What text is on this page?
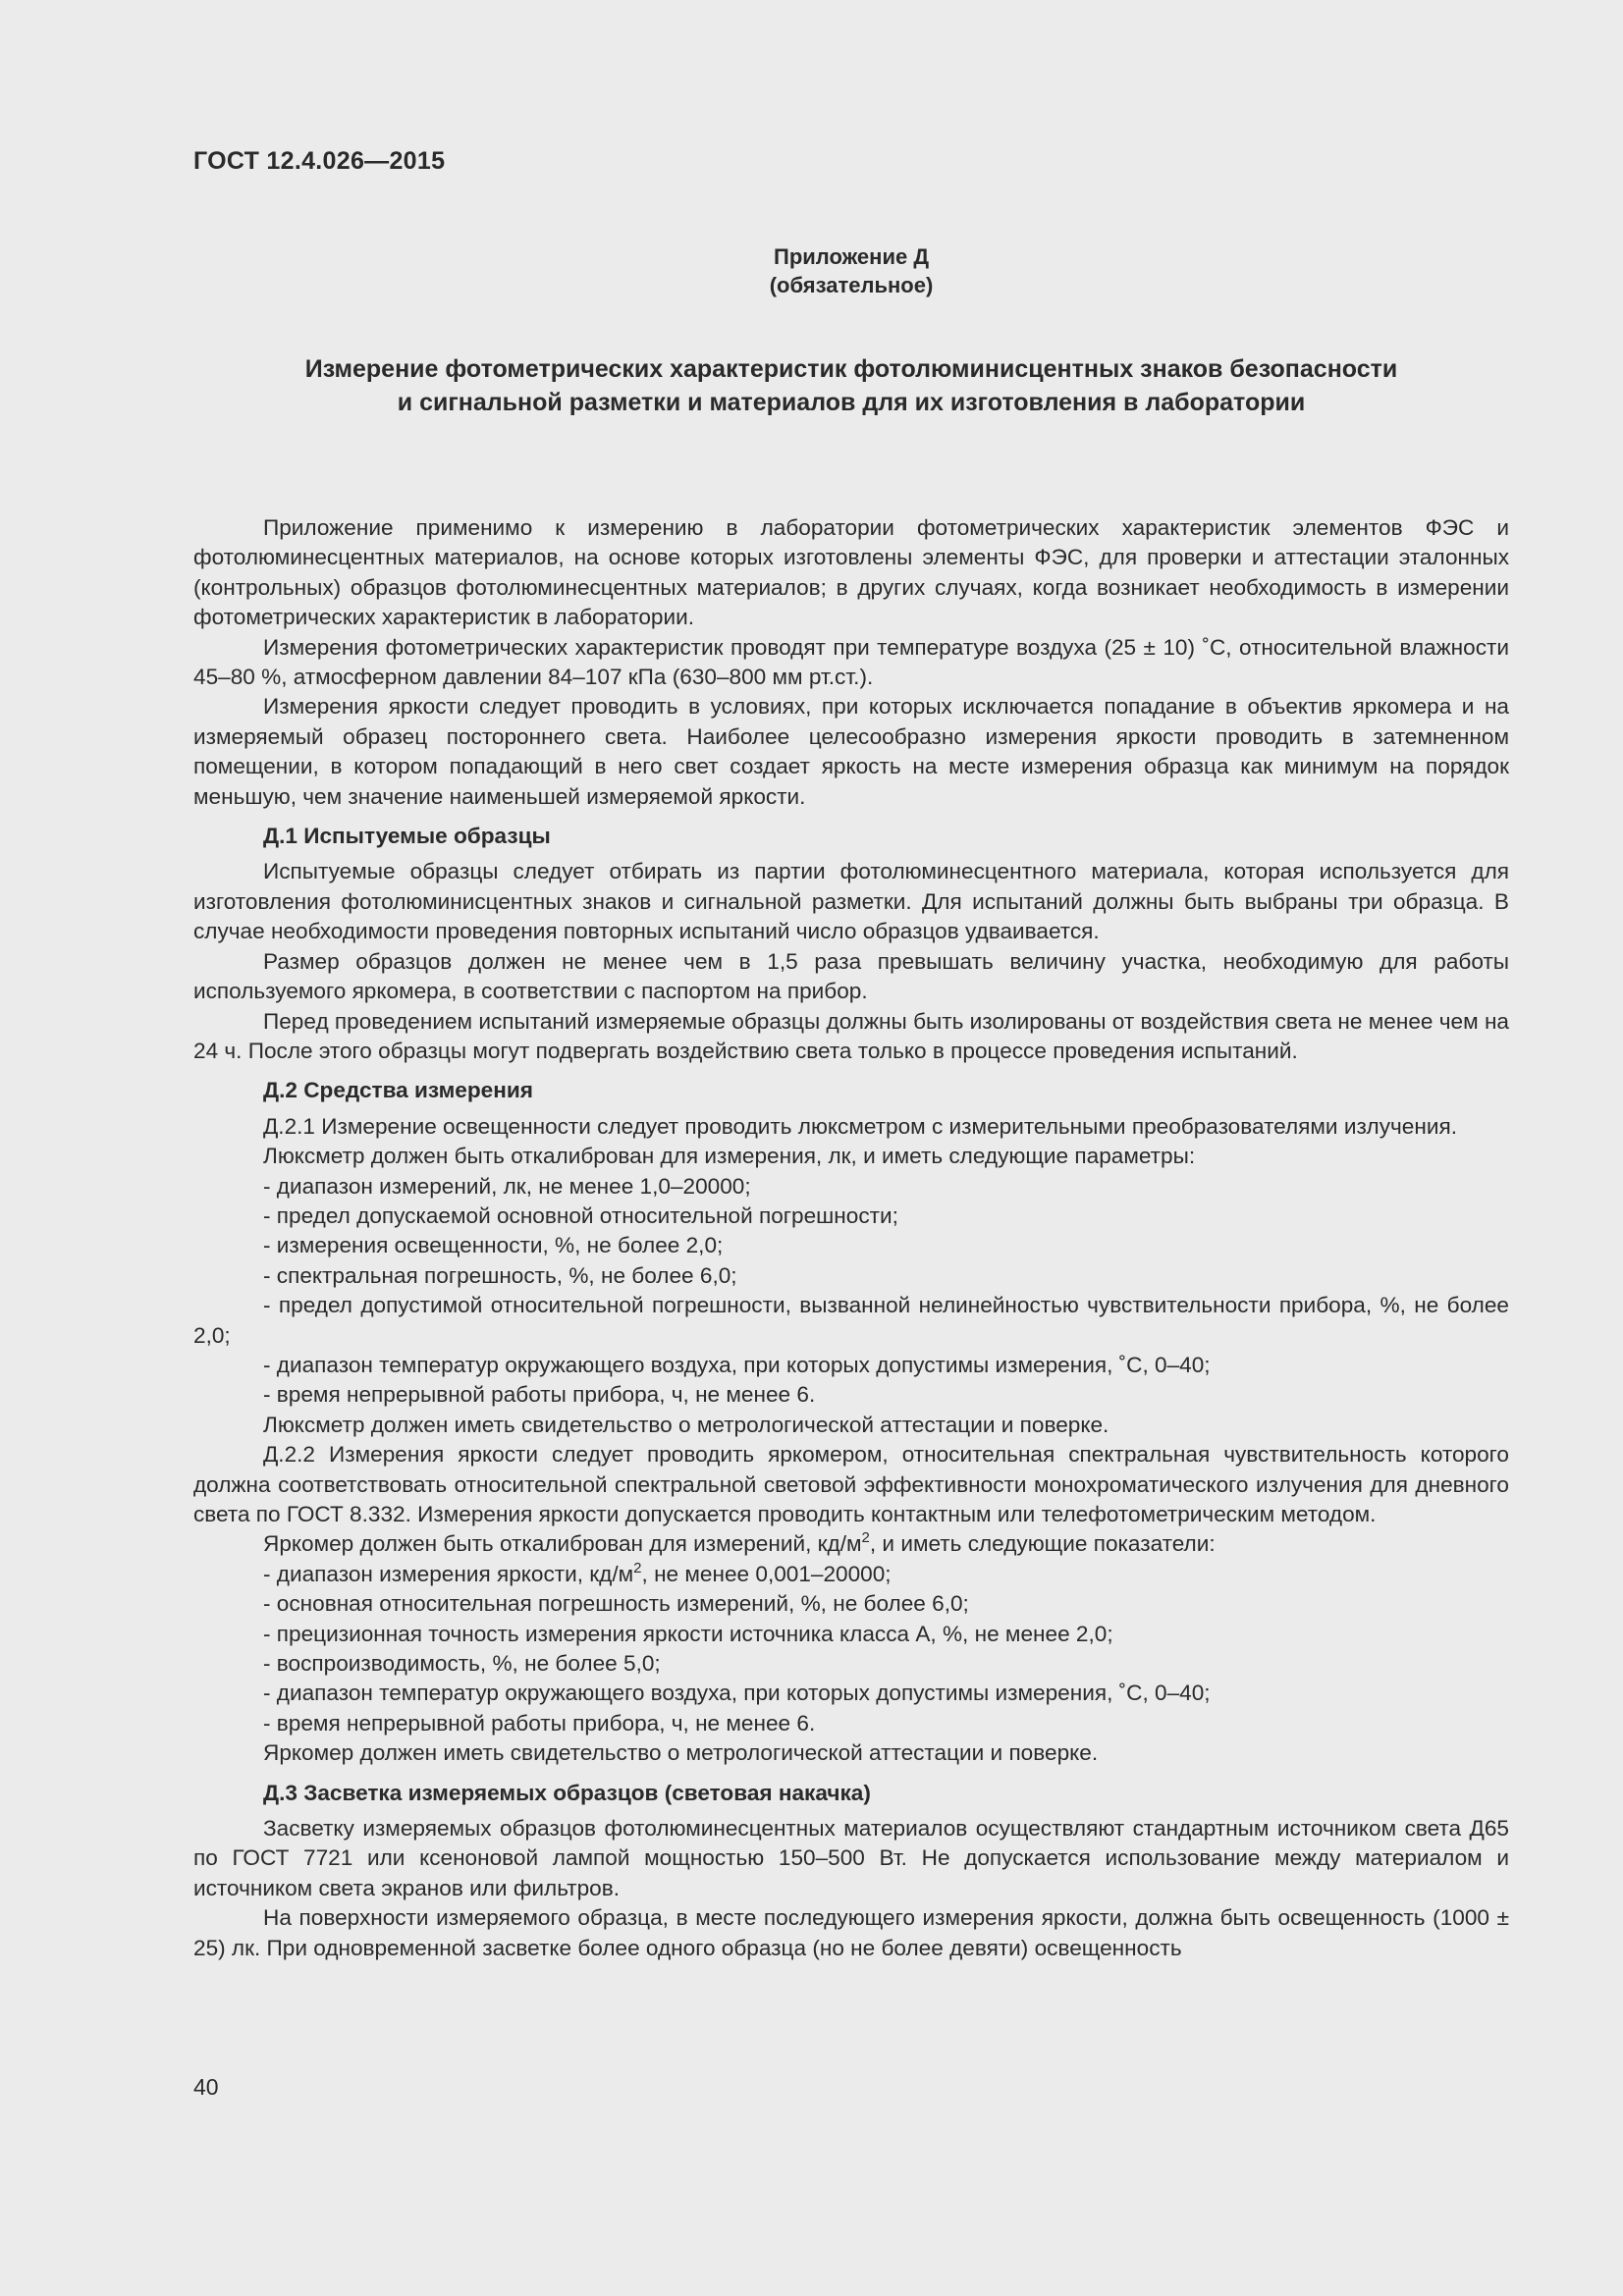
ГОСТ 12.4.026—2015
Приложение Д
(обязательное)
Измерение фотометрических характеристик фотолюминисцентных знаков безопасности
и сигнальной разметки и материалов для их изготовления в лаборатории

Приложение применимо к измерению в лаборатории фотометрических характеристик элементов ФЭС и фотолюминесцентных материалов, на основе которых изготовлены элементы ФЭС, для проверки и аттестации эталонных (контрольных) образцов фотолюминесцентных материалов; в других случаях, когда возникает необходимость в измерении фотометрических характеристик в лаборатории.

Измерения фотометрических характеристик проводят при температуре воздуха (25 ± 10) ˚С, относительной влажности 45–80 %, атмосферном давлении 84–107 кПа (630–800 мм рт.ст.).

Измерения яркости следует проводить в условиях, при которых исключается попадание в объектив яркомера и на измеряемый образец постороннего света. Наиболее целесообразно измерения яркости проводить в затемненном помещении, в котором попадающий в него свет создает яркость на месте измерения образца как минимум на порядок меньшую, чем значение наименьшей измеряемой яркости.

Д.1 Испытуемые образцы

Испытуемые образцы следует отбирать из партии фотолюминесцентного материала, которая используется для изготовления фотолюминисцентных знаков и сигнальной разметки. Для испытаний должны быть выбраны три образца. В случае необходимости проведения повторных испытаний число образцов удваивается.

Размер образцов должен не менее чем в 1,5 раза превышать величину участка, необходимую для работы используемого яркомера, в соответствии с паспортом на прибор.

Перед проведением испытаний измеряемые образцы должны быть изолированы от воздействия света не менее чем на 24 ч. После этого образцы могут подвергать воздействию света только в процессе проведения испытаний.

Д.2 Средства измерения

Д.2.1 Измерение освещенности следует проводить люксметром с измерительными преобразователями излучения.

Люксметр должен быть откалиброван для измерения, лк, и иметь следующие параметры:

- диапазон измерений, лк, не менее 1,0–20000;

- предел допускаемой основной относительной погрешности;

- измерения освещенности, %, не более 2,0;

- спектральная погрешность, %, не более 6,0;

- предел допустимой относительной погрешности, вызванной нелинейностью чувствительности прибора, %, не более 2,0;

- диапазон температур окружающего воздуха, при которых допустимы измерения, ˚С, 0–40;

- время непрерывной работы прибора, ч, не менее 6.

Люксметр должен иметь свидетельство о метрологической аттестации и поверке.

Д.2.2 Измерения яркости следует проводить яркомером, относительная спектральная чувствительность которого должна соответствовать относительной спектральной световой эффективности монохроматического излучения для дневного света по ГОСТ 8.332. Измерения яркости допускается проводить контактным или телефотометрическим методом.

Яркомер должен быть откалиброван для измерений, $кд/м^2$, и иметь следующие показатели:

- диапазон измерения яркости, $кд/м^2$, не менее 0,001–20000;

- основная относительная погрешность измерений, %, не более 6,0;

- прецизионная точность измерения яркости источника класса А, %, не менее 2,0;

- воспроизводимость, %, не более 5,0;

- диапазон температур окружающего воздуха, при которых допустимы измерения, ˚С, 0–40;

- время непрерывной работы прибора, ч, не менее 6.

Яркомер должен иметь свидетельство о метрологической аттестации и поверке.

Д.3 Засветка измеряемых образцов (световая накачка)

Засветку измеряемых образцов фотолюминесцентных материалов осуществляют стандартным источником света Д65 по ГОСТ 7721 или ксеноновой лампой мощностью 150–500 Вт. Не допускается использование между материалом и источником света экранов или фильтров.

На поверхности измеряемого образца, в месте последующего измерения яркости, должна быть освещенность (1000 ± 25) лк. При одновременной засветке более одного образца (но не более девяти) освещенность

40
